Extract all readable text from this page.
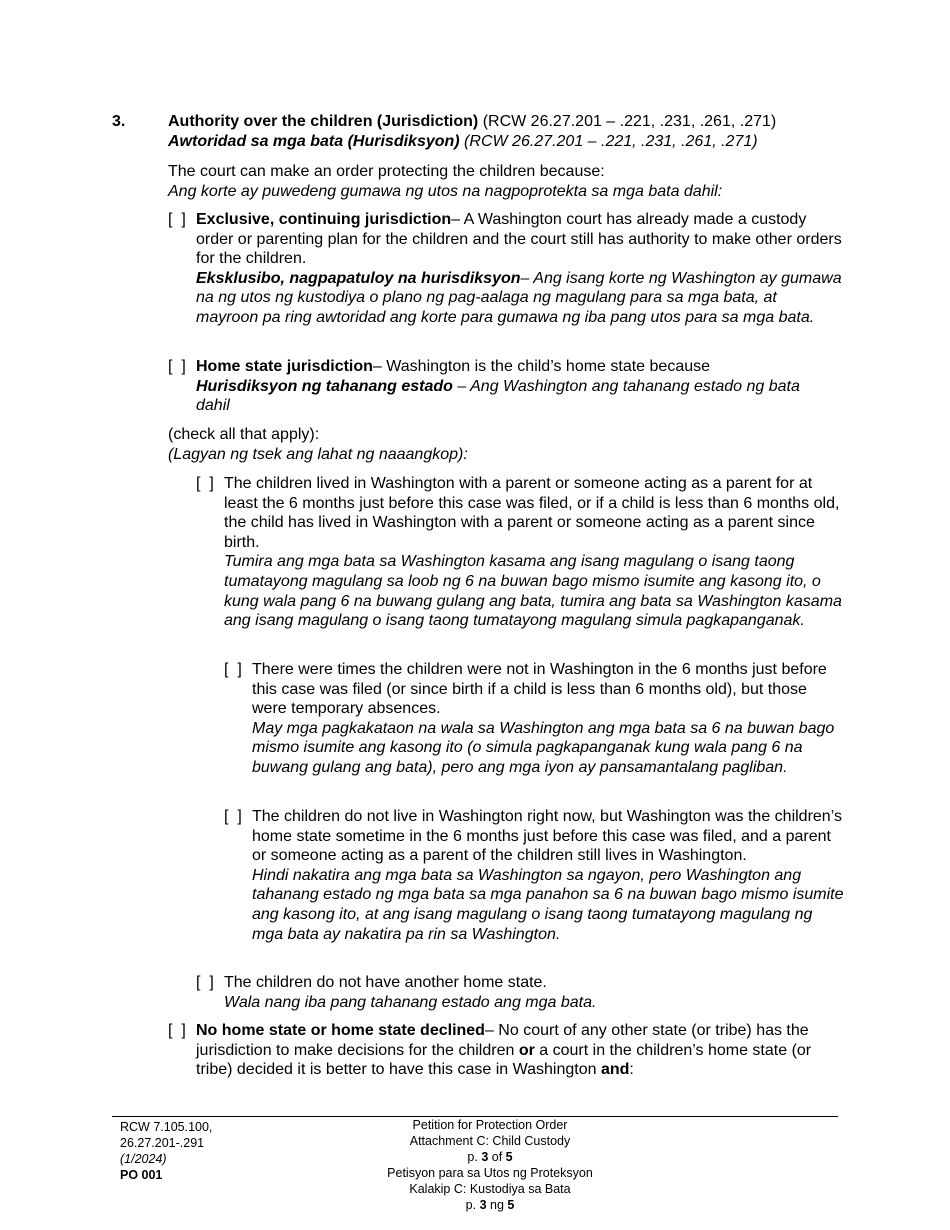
3.	Authority over the children (Jurisdiction) (RCW 26.27.201 – .221, .231, .261, .271)
Awtoridad sa mga bata (Hurisdiksyon) (RCW 26.27.201 – .221, .231, .261, .271)
The court can make an order protecting the children because:
Ang korte ay puwedeng gumawa ng utos na nagpoprotekta sa mga bata dahil:
[  ] Exclusive, continuing jurisdiction– A Washington court has already made a custody order or parenting plan for the children and the court still has authority to make other orders for the children.
Eksklusibo, nagpapatuloy na hurisdiksyon– Ang isang korte ng Washington ay gumawa na ng utos ng kustodiya o plano ng pag-aalaga ng magulang para sa mga bata, at mayroon pa ring awtoridad ang korte para gumawa ng iba pang utos para sa mga bata.
[  ] Home state jurisdiction– Washington is the child’s home state because
Hurisdiksyon ng tahanang estado – Ang Washington ang tahanang estado ng bata dahil
(check all that apply):
(Lagyan ng tsek ang lahat ng naaangkop):
[  ] The children lived in Washington with a parent or someone acting as a parent for at least the 6 months just before this case was filed, or if a child is less than 6 months old, the child has lived in Washington with a parent or someone acting as a parent since birth.
Tumira ang mga bata sa Washington kasama ang isang magulang o isang taong tumatayong magulang sa loob ng 6 na buwan bago mismo isumite ang kasong ito, o kung wala pang 6 na buwang gulang ang bata, tumira ang bata sa Washington kasama ang isang magulang o isang taong tumatayong magulang simula pagkapanganak.
[  ] There were times the children were not in Washington in the 6 months just before this case was filed (or since birth if a child is less than 6 months old), but those were temporary absences.
May mga pagkakataon na wala sa Washington ang mga bata sa 6 na buwan bago mismo isumite ang kasong ito (o simula pagkapanganak kung wala pang 6 na buwang gulang ang bata), pero ang mga iyon ay pansamantalang pagliban.
[  ] The children do not live in Washington right now, but Washington was the children’s home state sometime in the 6 months just before this case was filed, and a parent or someone acting as a parent of the children still lives in Washington.
Hindi nakatira ang mga bata sa Washington sa ngayon, pero Washington ang tahanang estado ng mga bata sa mga panahon sa 6 na buwan bago mismo isumite ang kasong ito, at ang isang magulang o isang taong tumatayong magulang ng mga bata ay nakatira pa rin sa Washington.
[  ] The children do not have another home state.
Wala nang iba pang tahanang estado ang mga bata.
[  ] No home state or home state declined– No court of any other state (or tribe) has the jurisdiction to make decisions for the children or a court in the children’s home state (or tribe) decided it is better to have this case in Washington and:
RCW 7.105.100,
26.27.201-.291
(1/2024)
PO 001
Petition for Protection Order
Attachment C: Child Custody
p. 3 of 5
Petisyon para sa Utos ng Proteksyon
Kalakip C: Kustodiya sa Bata
p. 3 ng 5
